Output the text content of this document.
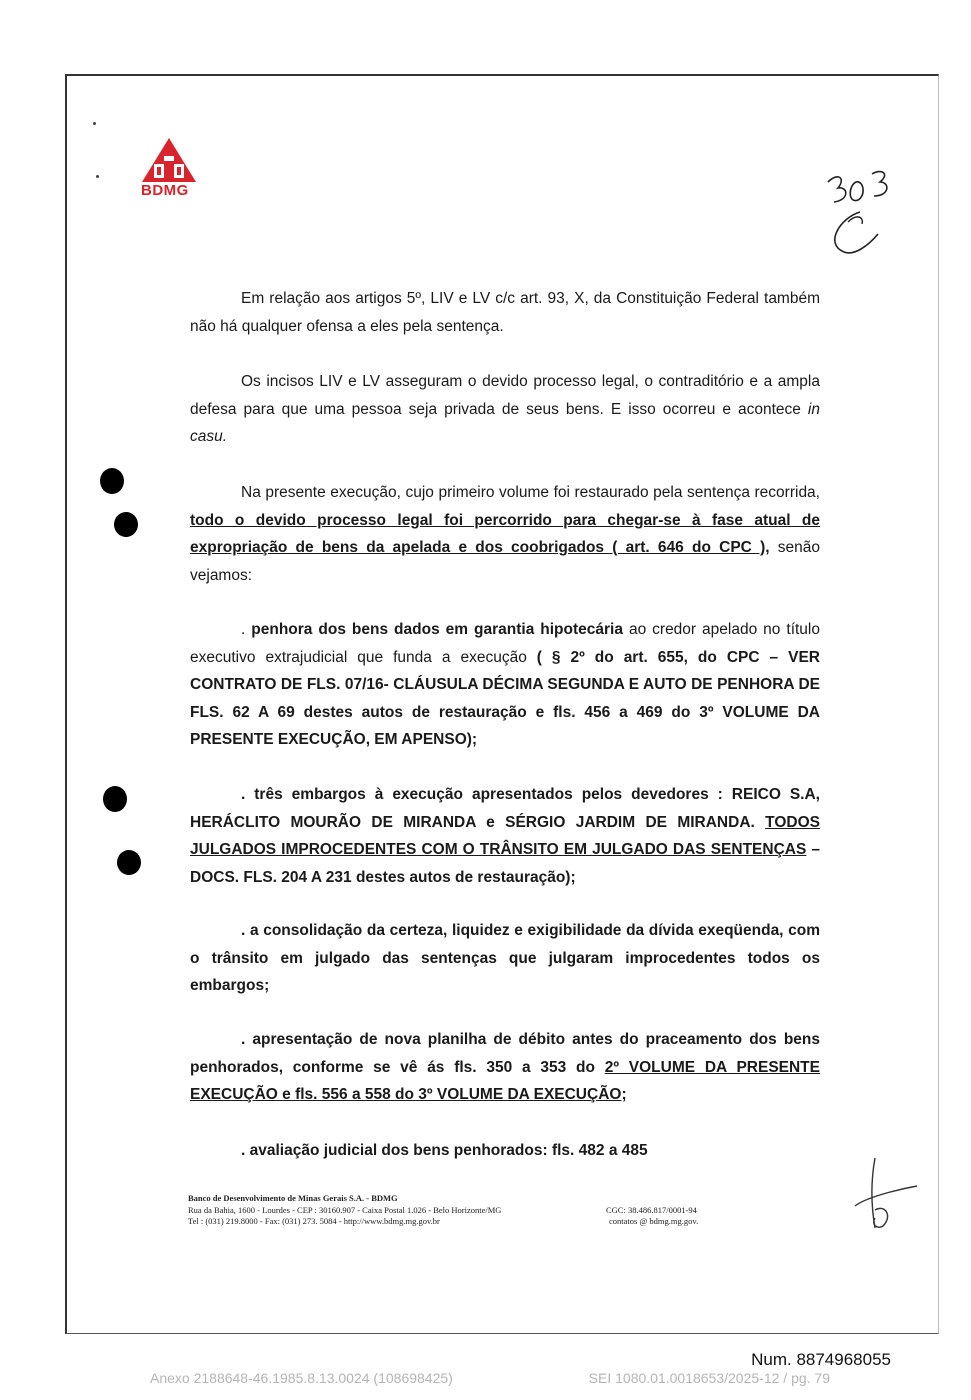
BDMG
Em relação aos artigos 5º, LIV e LV c/c art. 93, X, da Constituição Federal também não há qualquer ofensa a eles pela sentença.
Os incisos LIV e LV asseguram o devido processo legal, o contraditório e a ampla defesa para que uma pessoa seja privada de seus bens. E isso ocorreu e acontece in casu.
Na presente execução, cujo primeiro volume foi restaurado pela sentença recorrida, todo o devido processo legal foi percorrido para chegar-se à fase atual de expropriação de bens da apelada e dos coobrigados ( art. 646 do CPC ), senão vejamos:
. penhora dos bens dados em garantia hipotecária ao credor apelado no título executivo extrajudicial que funda a execução ( § 2º do art. 655, do CPC – VER CONTRATO DE FLS. 07/16- CLÁUSULA DÉCIMA SEGUNDA E AUTO DE PENHORA DE FLS. 62 A 69 destes autos de restauração e fls. 456 a 469 do 3º VOLUME DA PRESENTE EXECUÇÃO, EM APENSO);
. três embargos à execução apresentados pelos devedores : REICO S.A, HERÁCLITO MOURÃO DE MIRANDA e SÉRGIO JARDIM DE MIRANDA. TODOS JULGADOS IMPROCEDENTES COM O TRÂNSITO EM JULGADO DAS SENTENÇAS – DOCS. FLS. 204 A 231 destes autos de restauração);
. a consolidação da certeza, liquidez e exigibilidade da dívida exeqüenda, com o trânsito em julgado das sentenças que julgaram improcedentes todos os embargos;
. apresentação de nova planilha de débito antes do praceamento dos bens penhorados, conforme se vê ás fls. 350 a 353 do 2º VOLUME DA PRESENTE EXECUÇÃO e fls. 556 a 558 do 3º VOLUME DA EXECUÇÃO;
. avaliação judicial dos bens penhorados: fls. 482 a 485
Banco de Desenvolvimento de Minas Gerais S.A. - BDMG
Rua da Bahia, 1600 - Lourdes - CEP : 30160.907 - Caixa Postal 1.026 - Belo Horizonte/MG	CGC: 38.486.817/0001-94
Tel : (031) 219.8000 - Fax: (031) 273. 5084 - http://www.bdmg.mg.gov.br	contatos @ bdmg.mg.gov.
Num. 8874968055
Anexo 2188648-46.1985.8.13.0024 (108698425)	SEI 1080.01.0018653/2025-12 / pg. 79
